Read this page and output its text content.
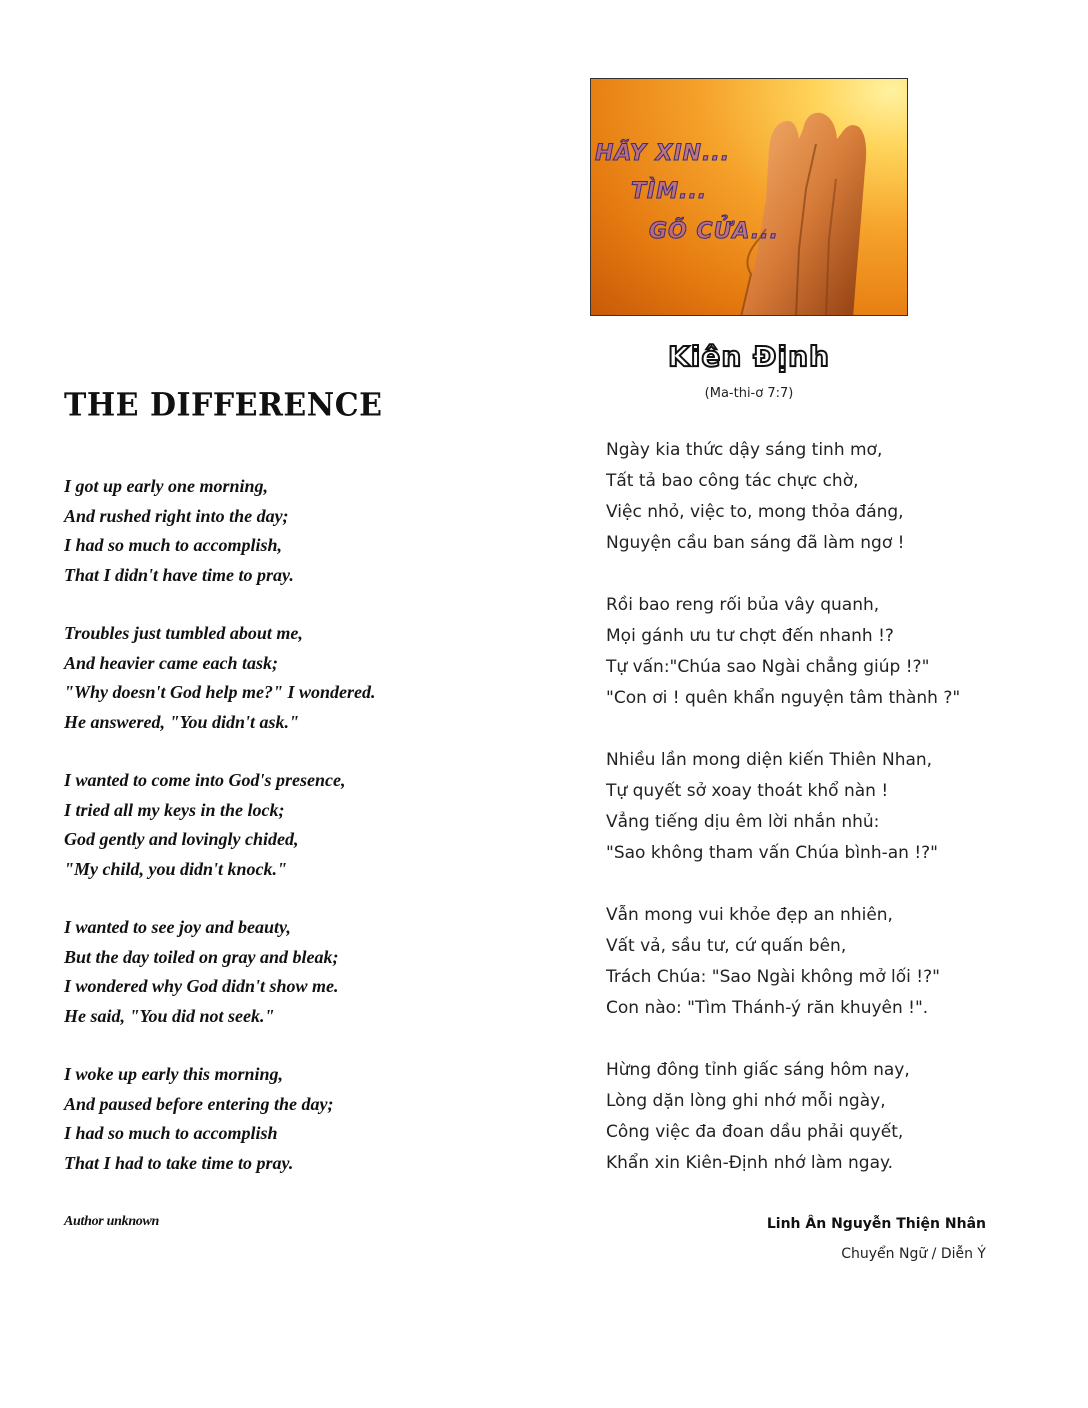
HÃY XIN...
TÌM...
GÕ CỬA...
THE DIFFERENCE
I got up early one morning,
And rushed right into the day;
I had so much to accomplish,
That I didn't have time to pray.
Troubles just tumbled about me,
And heavier came each task;
"Why doesn't God help me?" I wondered.
He answered, "You didn't ask."
I wanted to come into God's presence,
I tried all my keys in the lock;
God gently and lovingly chided,
"My child, you didn't knock."
I wanted to see joy and beauty,
But the day toiled on gray and bleak;
I wondered why God didn't show me.
He said, "You did not seek."
I woke up early this morning,
And paused before entering the day;
I had so much to accomplish
That I had to take time to pray.
Author unknown
Kiên Định
(Ma-thi-ơ 7:7)
Ngày kia thức dậy sáng tinh mơ,
Tất tả bao công tác chực chờ,
Việc nhỏ, việc to, mong thỏa đáng,
Nguyện cầu ban sáng đã làm ngơ !
Rồi bao reng rối bủa vây quanh,
Mọi gánh ưu tư chợt đến nhanh !?
Tự vấn:"Chúa sao Ngài chẳng giúp !?"
"Con ơi ! quên khẩn nguyện tâm thành ?"
Nhiều lần mong diện kiến Thiên Nhan,
Tự quyết sở xoay thoát khổ nàn !
Vẳng tiếng dịu êm lời nhắn nhủ:
"Sao không tham vấn Chúa bình-an !?"
Vẫn mong vui khỏe đẹp an nhiên,
Vất vả, sầu tư, cứ quấn bên,
Trách Chúa: "Sao Ngài không mở lối !?"
Con nào: "Tìm Thánh-ý răn khuyên !".
Hừng đông tỉnh giấc sáng hôm nay,
Lòng dặn lòng ghi nhớ mỗi ngày,
Công việc đa đoan dầu phải quyết,
Khẩn xin Kiên-Định nhớ làm ngay.
Linh Ân Nguyễn Thiện Nhân
Chuyển Ngữ / Diễn Ý
